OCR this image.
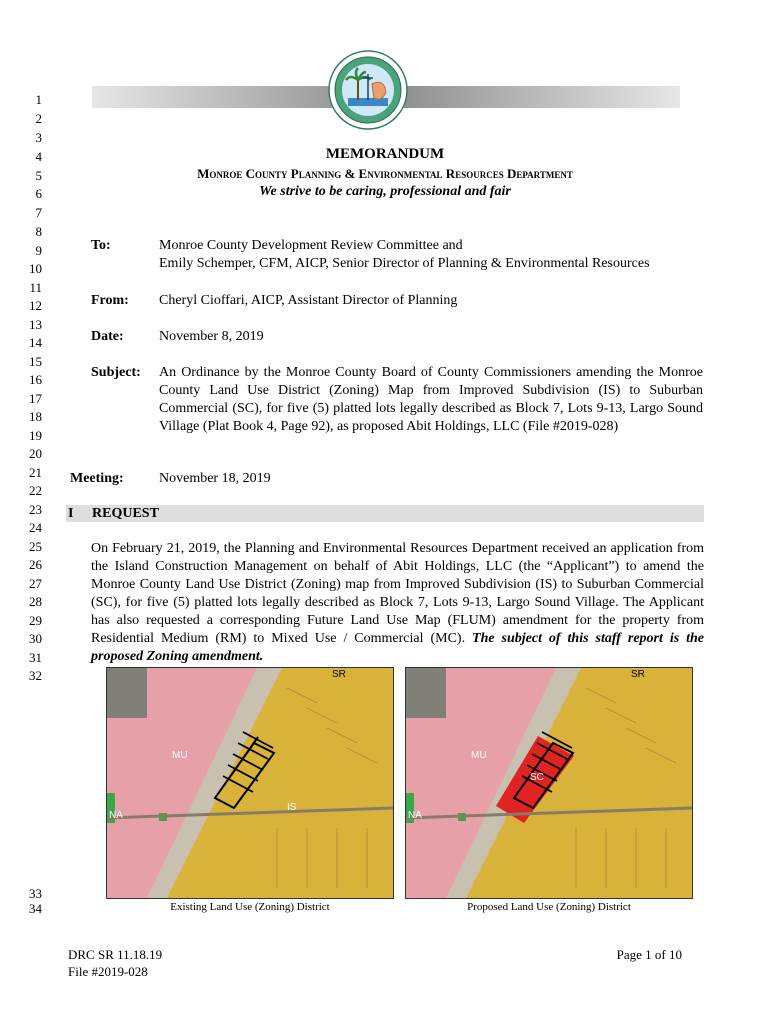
1
2
3
4
5
6
7
8
9
10
11
12
13
14
15
16
17
18
19
20
21
22
23
24
25
26
27
28
29
30
31
32
33
34
MEMORANDUM
Monroe County Planning & Environmental Resources Department
We strive to be caring, professional and fair
To:	Monroe County Development Review Committee and
Emily Schemper, CFM, AICP, Senior Director of Planning & Environmental Resources
From: Cheryl Cioffari, AICP, Assistant Director of Planning
Date:	November 8, 2019
Subject: An Ordinance by the Monroe County Board of County Commissioners amending the Monroe County Land Use District (Zoning) Map from Improved Subdivision (IS) to Suburban Commercial (SC), for five (5) platted lots legally described as Block 7, Lots 9-13, Largo Sound Village (Plat Book 4, Page 92), as proposed Abit Holdings, LLC (File #2019-028)
Meeting:	November 18, 2019
I REQUEST
On February 21, 2019, the Planning and Environmental Resources Department received an application from the Island Construction Management on behalf of Abit Holdings, LLC (the “Applicant”) to amend the Monroe County Land Use District (Zoning) map from Improved Subdivision (IS) to Suburban Commercial (SC), for five (5) platted lots legally described as Block 7, Lots 9-13, Largo Sound Village. The Applicant has also requested a corresponding Future Land Use Map (FLUM) amendment for the property from Residential Medium (RM) to Mixed Use / Commercial (MC). The subject of this staff report is the proposed Zoning amendment.
SR
MU
IS
NA
SR
MU
SC
NA
Existing Land Use (Zoning) District	Proposed Land Use (Zoning) District
DRC SR 11.18.19
File #2019-028
Page 1 of 10
